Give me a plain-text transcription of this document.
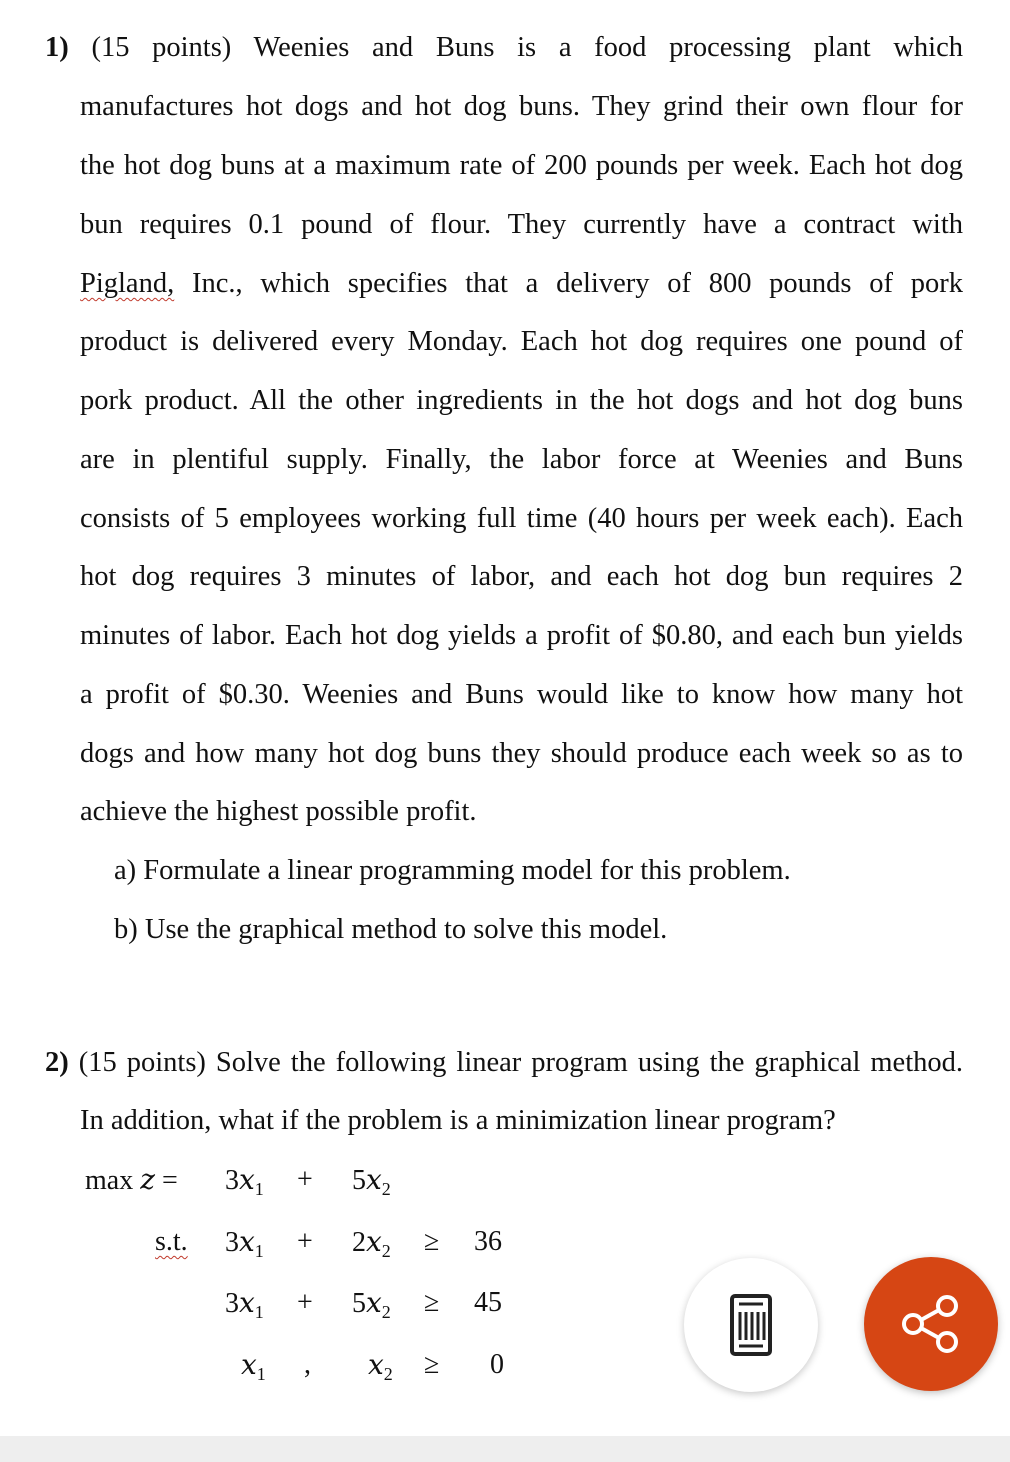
1) (15 points) Weenies and Buns is a food processing plant which
manufactures hot dogs and hot dog buns. They grind their own flour for
the hot dog buns at a maximum rate of 200 pounds per week. Each hot dog
bun requires 0.1 pound of flour. They currently have a contract with
Pigland, Inc., which specifies that a delivery of 800 pounds of pork
product is delivered every Monday. Each hot dog requires one pound of
pork product. All the other ingredients in the hot dogs and hot dog buns
are in plentiful supply. Finally, the labor force at Weenies and Buns
consists of 5 employees working full time (40 hours per week each). Each
hot dog requires 3 minutes of labor, and each hot dog bun requires 2
minutes of labor. Each hot dog yields a profit of $0.80, and each bun yields
a profit of $0.30. Weenies and Buns would like to know how many hot
dogs and how many hot dog buns they should produce each week so as to
achieve the highest possible profit.
a) Formulate a linear programming model for this problem.
b) Use the graphical method to solve this model.
2) (15 points) Solve the following linear program using the graphical method.
In addition, what if the problem is a minimization linear program?
max z =
s.t.
$3x_1 + 5x_2$
$3x_1 + 2x_2 \ge 36$
$3x_1 + 5x_2 \ge 45$
$x_1$ , $x_2 \ge 0$
